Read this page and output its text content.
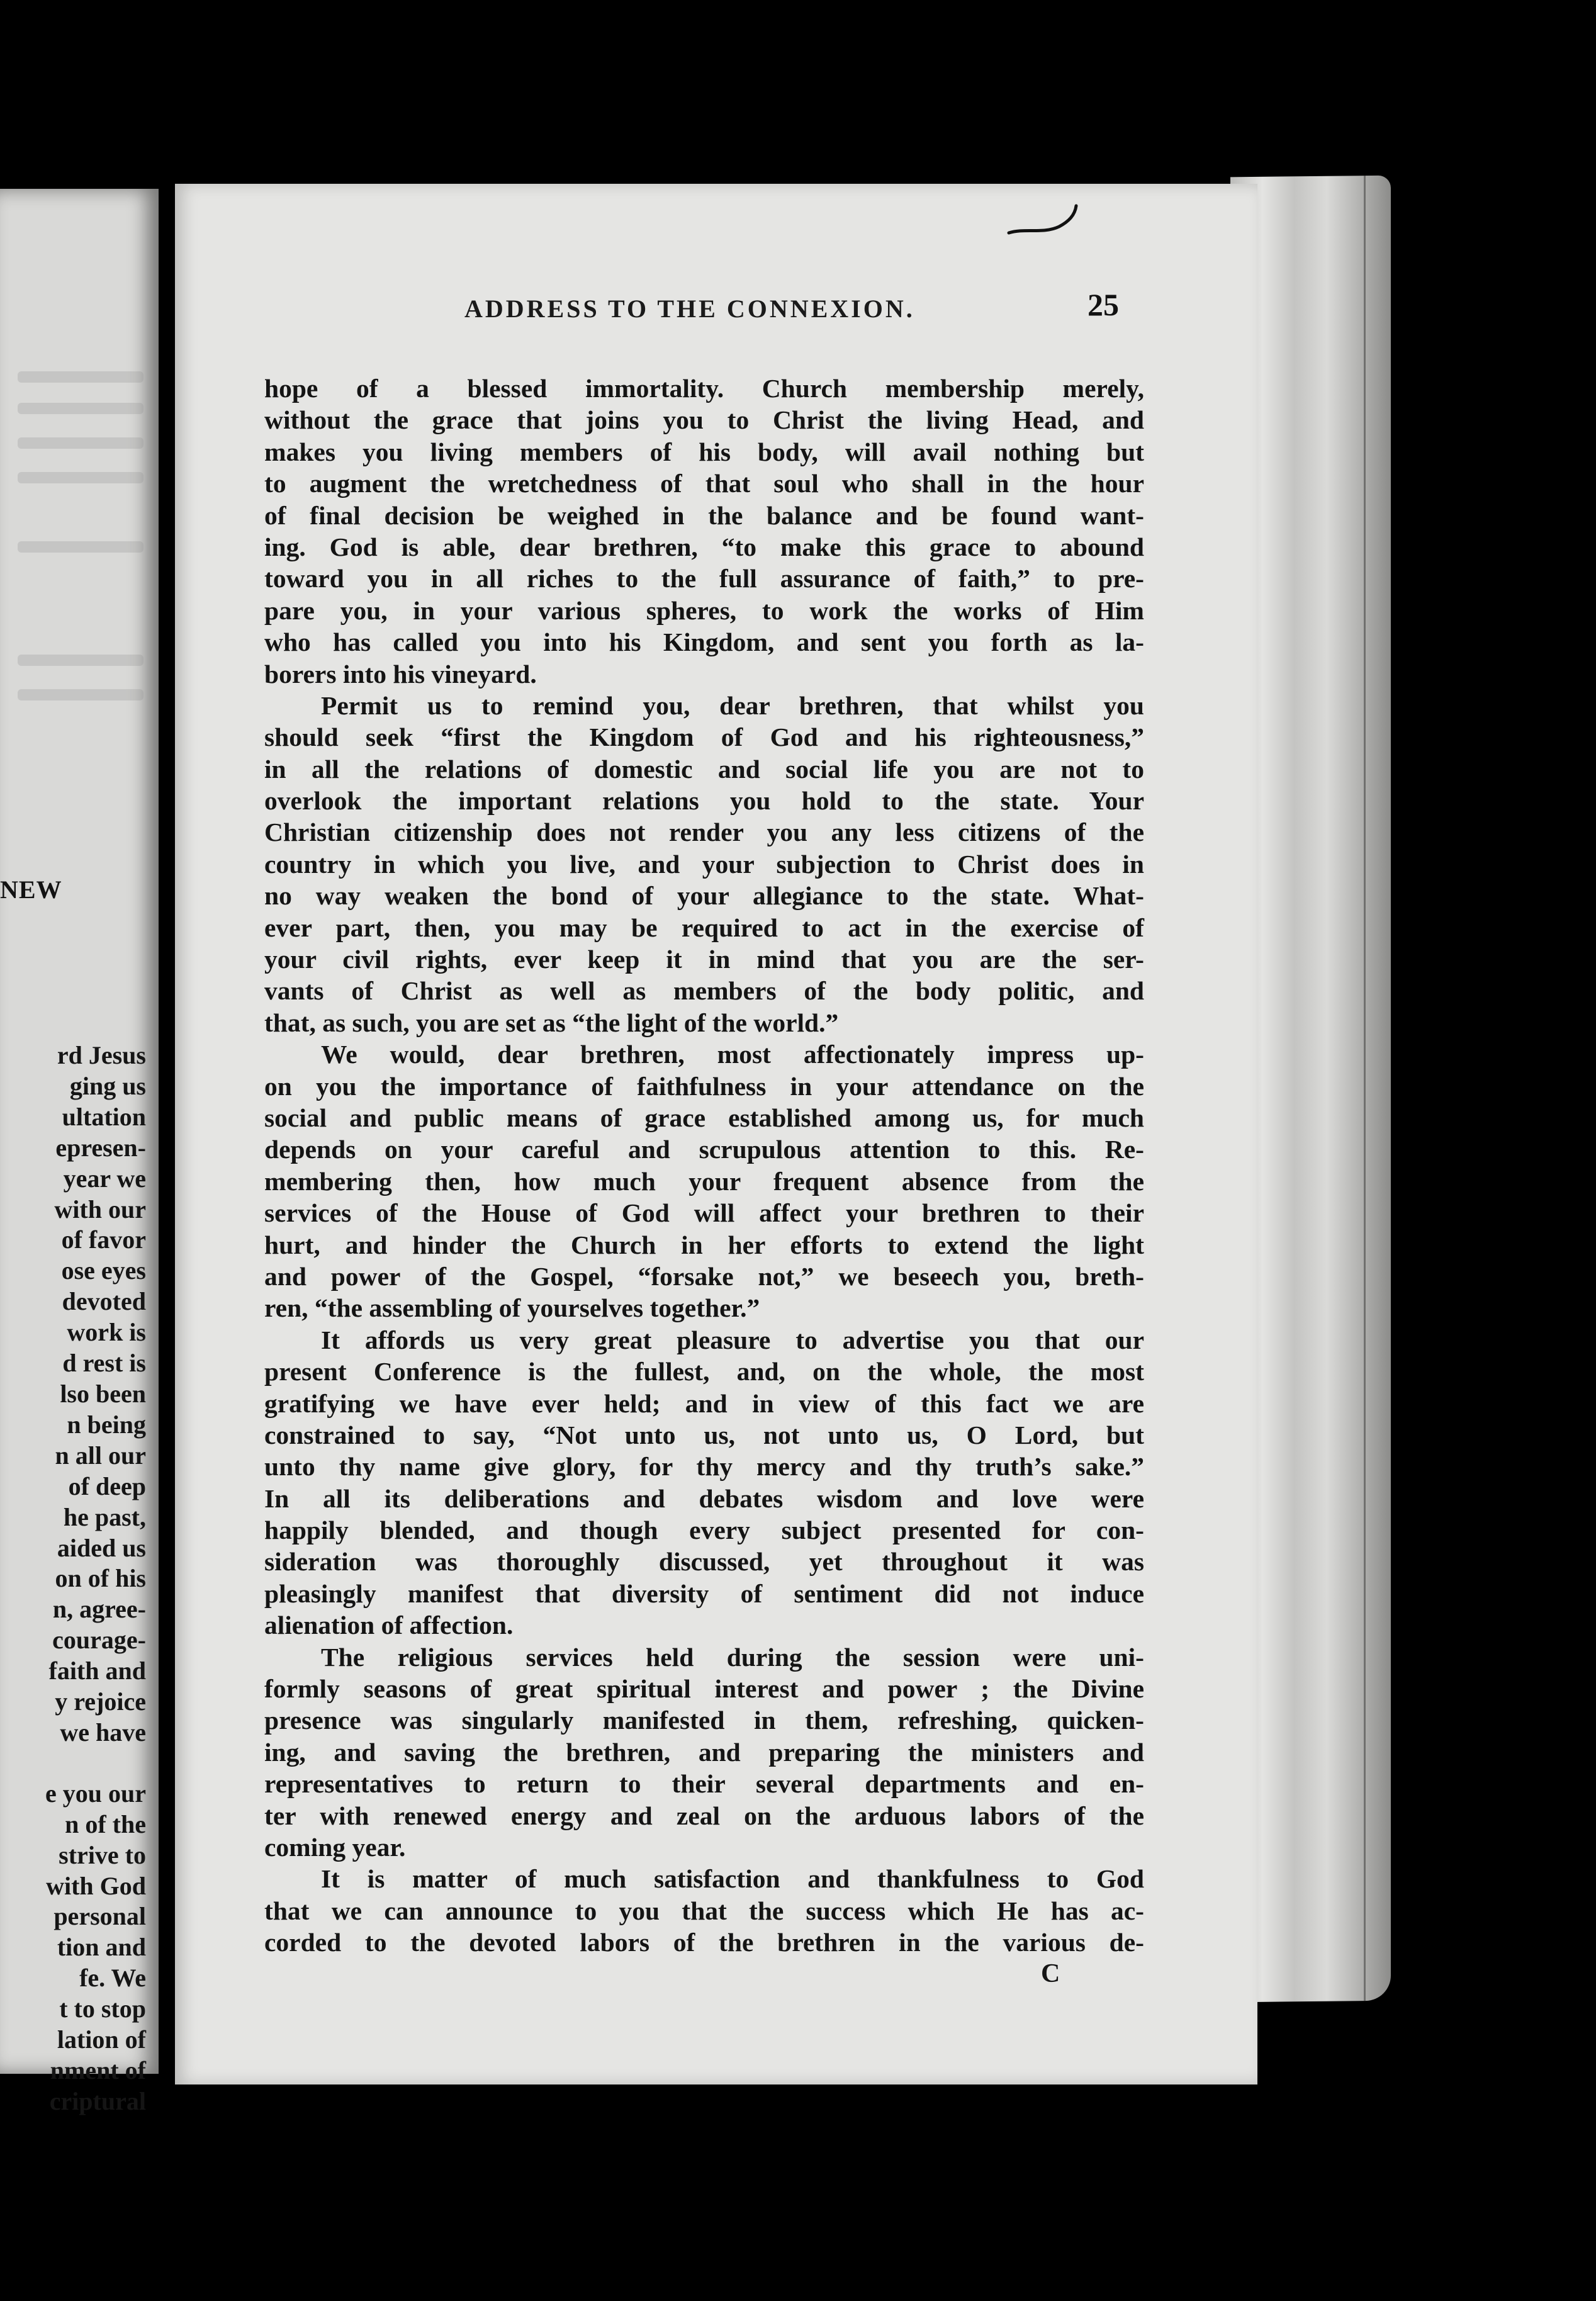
NEW
rd Jesus
ging us
ultation
epresen-
year we
with our
of favor
ose eyes
devoted
work is
d rest is
lso been
n being
n all our
of deep
he past,
aided us
on of his
n, agree-
courage-
faith and
y rejoice
we have
e you our
n of the
strive to
with God
personal
tion and
fe. We
t to stop
lation of
nment of
criptural
ADDRESS TO THE CONNEXION.	25
hope of a blessed immortality. Church membership merely,
without the grace that joins you to Christ the living Head, and
makes you living members of his body, will avail nothing but
to augment the wretchedness of that soul who shall in the hour
of final decision be weighed in the balance and be found want-
ing. God is able, dear brethren, “to make this grace to abound
toward you in all riches to the full assurance of faith,” to pre-
pare you, in your various spheres, to work the works of Him
who has called you into his Kingdom, and sent you forth as la-
borers into his vineyard.
Permit us to remind you, dear brethren, that whilst you
should seek “first the Kingdom of God and his righteousness,”
in all the relations of domestic and social life you are not to
overlook the important relations you hold to the state. Your
Christian citizenship does not render you any less citizens of the
country in which you live, and your subjection to Christ does in
no way weaken the bond of your allegiance to the state. What-
ever part, then, you may be required to act in the exercise of
your civil rights, ever keep it in mind that you are the ser-
vants of Christ as well as members of the body politic, and
that, as such, you are set as “the light of the world.”
We would, dear brethren, most affectionately impress up-
on you the importance of faithfulness in your attendance on the
social and public means of grace established among us, for much
depends on your careful and scrupulous attention to this. Re-
membering then, how much your frequent absence from the
services of the House of God will affect your brethren to their
hurt, and hinder the Church in her efforts to extend the light
and power of the Gospel, “forsake not,” we beseech you, breth-
ren, “the assembling of yourselves together.”
It affords us very great pleasure to advertise you that our
present Conference is the fullest, and, on the whole, the most
gratifying we have ever held; and in view of this fact we are
constrained to say, “Not unto us, not unto us, O Lord, but
unto thy name give glory, for thy mercy and thy truth’s sake.”
In all its deliberations and debates wisdom and love were
happily blended, and though every subject presented for con-
sideration was thoroughly discussed, yet throughout it was
pleasingly manifest that diversity of sentiment did not induce
alienation of affection.
The religious services held during the session were uni-
formly seasons of great spiritual interest and power ; the Divine
presence was singularly manifested in them, refreshing, quicken-
ing, and saving the brethren, and preparing the ministers and
representatives to return to their several departments and en-
ter with renewed energy and zeal on the arduous labors of the
coming year.
It is matter of much satisfaction and thankfulness to God
that we can announce to you that the success which He has ac-
corded to the devoted labors of the brethren in the various de-
C
